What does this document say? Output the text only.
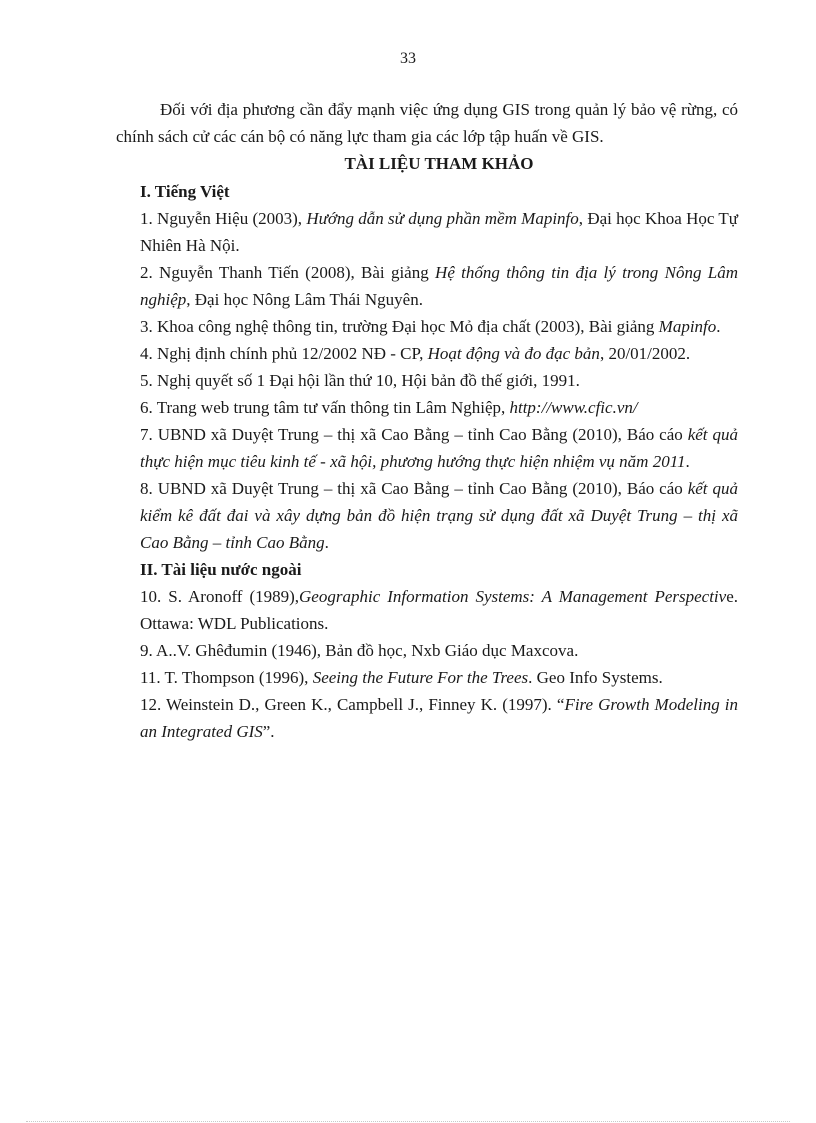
33

Đối với địa phương cần đẩy mạnh việc ứng dụng GIS trong quản lý bảo vệ rừng, có chính sách cử các cán bộ có năng lực tham gia các lớp tập huấn về GIS.

TÀI LIỆU THAM KHẢO

I. Tiếng Việt

1. Nguyễn Hiệu (2003), Hướng dẫn sử dụng phần mềm Mapinfo, Đại học Khoa Học Tự Nhiên Hà Nội.

2. Nguyễn Thanh Tiến (2008), Bài giảng Hệ thống thông tin địa lý trong Nông Lâm nghiệp, Đại học Nông Lâm Thái Nguyên.

3. Khoa công nghệ thông tin, trường Đại học Mỏ địa chất (2003), Bài giảng Mapinfo.

4. Nghị định chính phủ 12/2002 NĐ - CP, Hoạt động và đo đạc bản, 20/01/2002.

5. Nghị quyết số 1 Đại hội lần thứ 10, Hội bản đồ thế giới, 1991.

6. Trang web trung tâm tư vấn thông tin Lâm Nghiệp, http://www.cfic.vn/

7. UBND xã Duyệt Trung – thị xã Cao Bằng – tỉnh Cao Bằng (2010), Báo cáo kết quả thực hiện mục tiêu kinh tế - xã hội, phương hướng thực hiện nhiệm vụ năm 2011.

8. UBND xã Duyệt Trung – thị xã Cao Bằng – tỉnh Cao Bằng (2010), Báo cáo kết quả kiểm kê đất đai và xây dựng bản đồ hiện trạng sử dụng đất xã Duyệt Trung – thị xã Cao Bằng – tỉnh Cao Bằng.

II. Tài liệu nước ngoài

10. S. Aronoff (1989),Geographic Information Systems: A Management Perspective. Ottawa: WDL Publications.

9. A..V. Ghêđumin (1946), Bản đồ học, Nxb Giáo dục Maxcova.

11. T. Thompson (1996), Seeing the Future For the Trees. Geo Info Systems.

12. Weinstein D., Green K., Campbell J., Finney K. (1997). “Fire Growth Modeling in an Integrated GIS”.
